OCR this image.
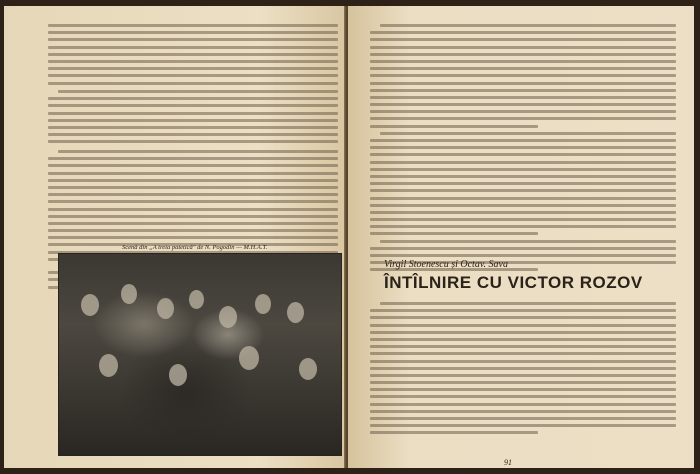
Scenă din „A treia patetică" de N. Pogodin — M.H.A.T.
Virgil Stoenescu și Octav. Sava
ÎNTÎLNIRE CU VICTOR ROZOV
91
